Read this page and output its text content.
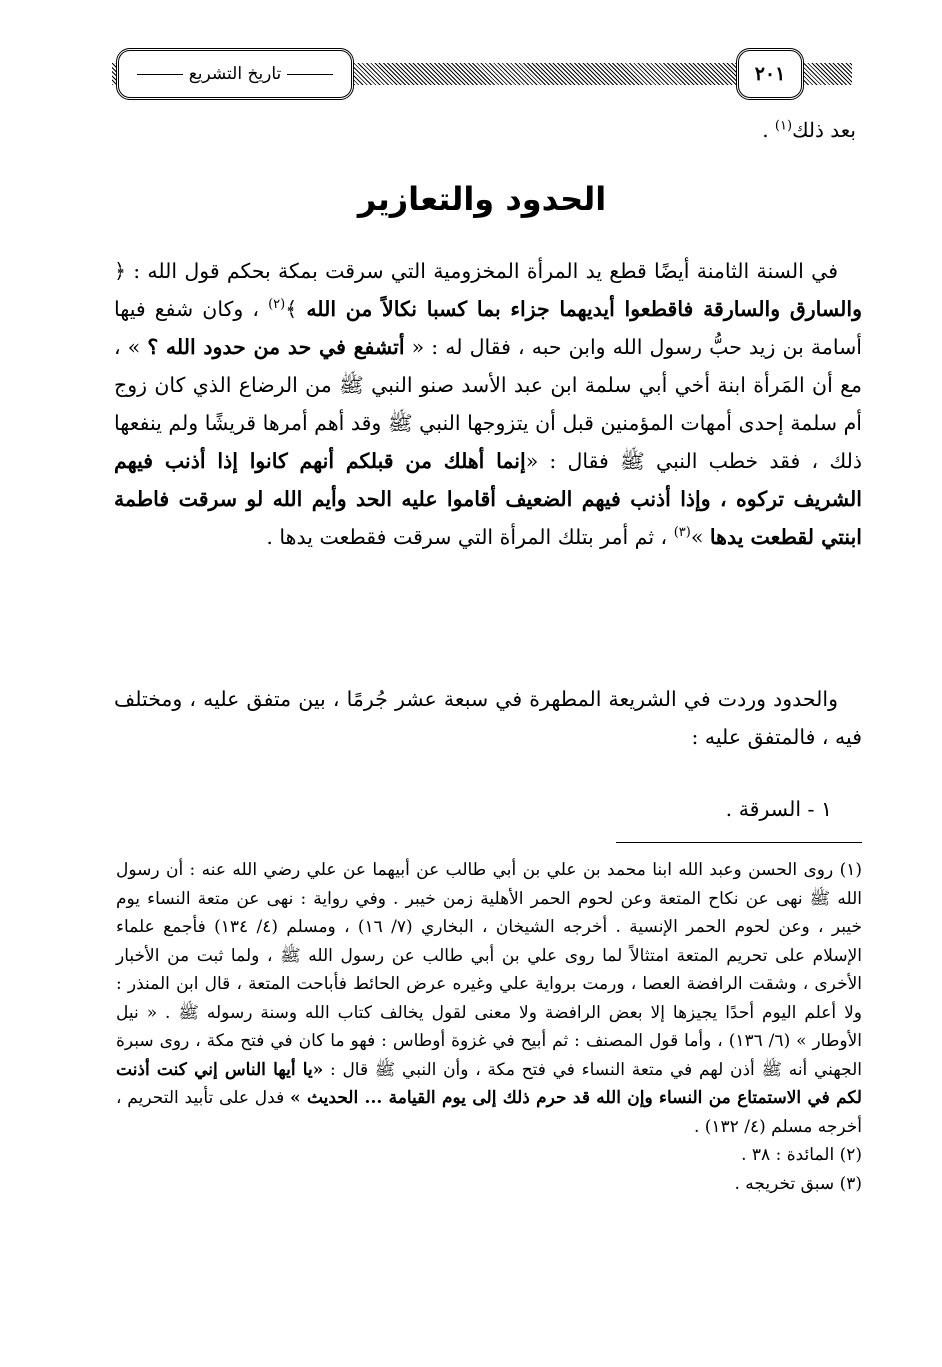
تاريخ التشريع	٢٠١
بعد ذلك$^{(١)}$ .
الحدود والتعازير
في السنة الثامنة أيضًا قطع يد المرأة المخزومية التي سرقت بمكة بحكم قول الله : ﴿ والسارق والسارقة فاقطعوا أيديهما جزاء بما كسبا نكالاً من الله ﴾$^{(٢)}$ ، وكان شفع فيها أسامة بن زيد حبُّ رسول الله وابن حبه ، فقال له : « أتشفع في حد من حدود الله ؟ » ، مع أن المَرأة ابنة أخي أبي سلمة ابن عبد الأسد صنو النبي ﷺ من الرضاع الذي كان زوج أم سلمة إحدى أمهات المؤمنين قبل أن يتزوجها النبي ﷺ وقد أهم أمرها قريشًا ولم ينفعها ذلك ، فقد خطب النبي ﷺ فقال : «إنما أهلك من قبلكم أنهم كانوا إذا أذنب فيهم الشريف تركوه ، وإذا أذنب فيهم الضعيف أقاموا عليه الحد وأيم الله لو سرقت فاطمة ابنتي لقطعت يدها »$^{(٣)}$ ، ثم أمر بتلك المرأة التي سرقت فقطعت يدها .
والحدود وردت في الشريعة المطهرة في سبعة عشر جُرمًا ، بين متفق عليه ، ومختلف فيه ، فالمتفق عليه :
١ - السرقة .

(١) روى الحسن وعبد الله ابنا محمد بن علي بن أبي طالب عن أبيهما عن علي رضي الله عنه : أن رسول الله ﷺ نهى عن نكاح المتعة وعن لحوم الحمر الأهلية زمن خيبر . وفي رواية : نهى عن متعة النساء يوم خيبر ، وعن لحوم الحمر الإنسية . أخرجه الشيخان ، البخاري (٧/ ١٦) ، ومسلم (٤/ ١٣٤) فأجمع علماء الإسلام على تحريم المتعة امتثالاً لما روى علي بن أبي طالب عن رسول الله ﷺ ، ولما ثبت من الأخبار الأخرى ، وشقت الرافضة العصا ، ورمت برواية علي وغيره عرض الحائط فأباحت المتعة ، قال ابن المنذر : ولا أعلم اليوم أحدًا يجيزها إلا بعض الرافضة ولا معنى لقول يخالف كتاب الله وسنة رسوله ﷺ . « نيل الأوطار » (٦/ ١٣٦) ، وأما قول المصنف : ثم أبيح في غزوة أوطاس : فهو ما كان في فتح مكة ، روى سبرة الجهني أنه ﷺ أذن لهم في متعة النساء في فتح مكة ، وأن النبي ﷺ قال : «يا أيها الناس إني كنت أذنت لكم في الاستمتاع من النساء وإن الله قد حرم ذلك إلى يوم القيامة ... الحديث » فدل على تأبيد التحريم ، أخرجه مسلم (٤/ ١٣٢) .

(٢) المائدة : ٣٨ .

(٣) سبق تخريجه .
